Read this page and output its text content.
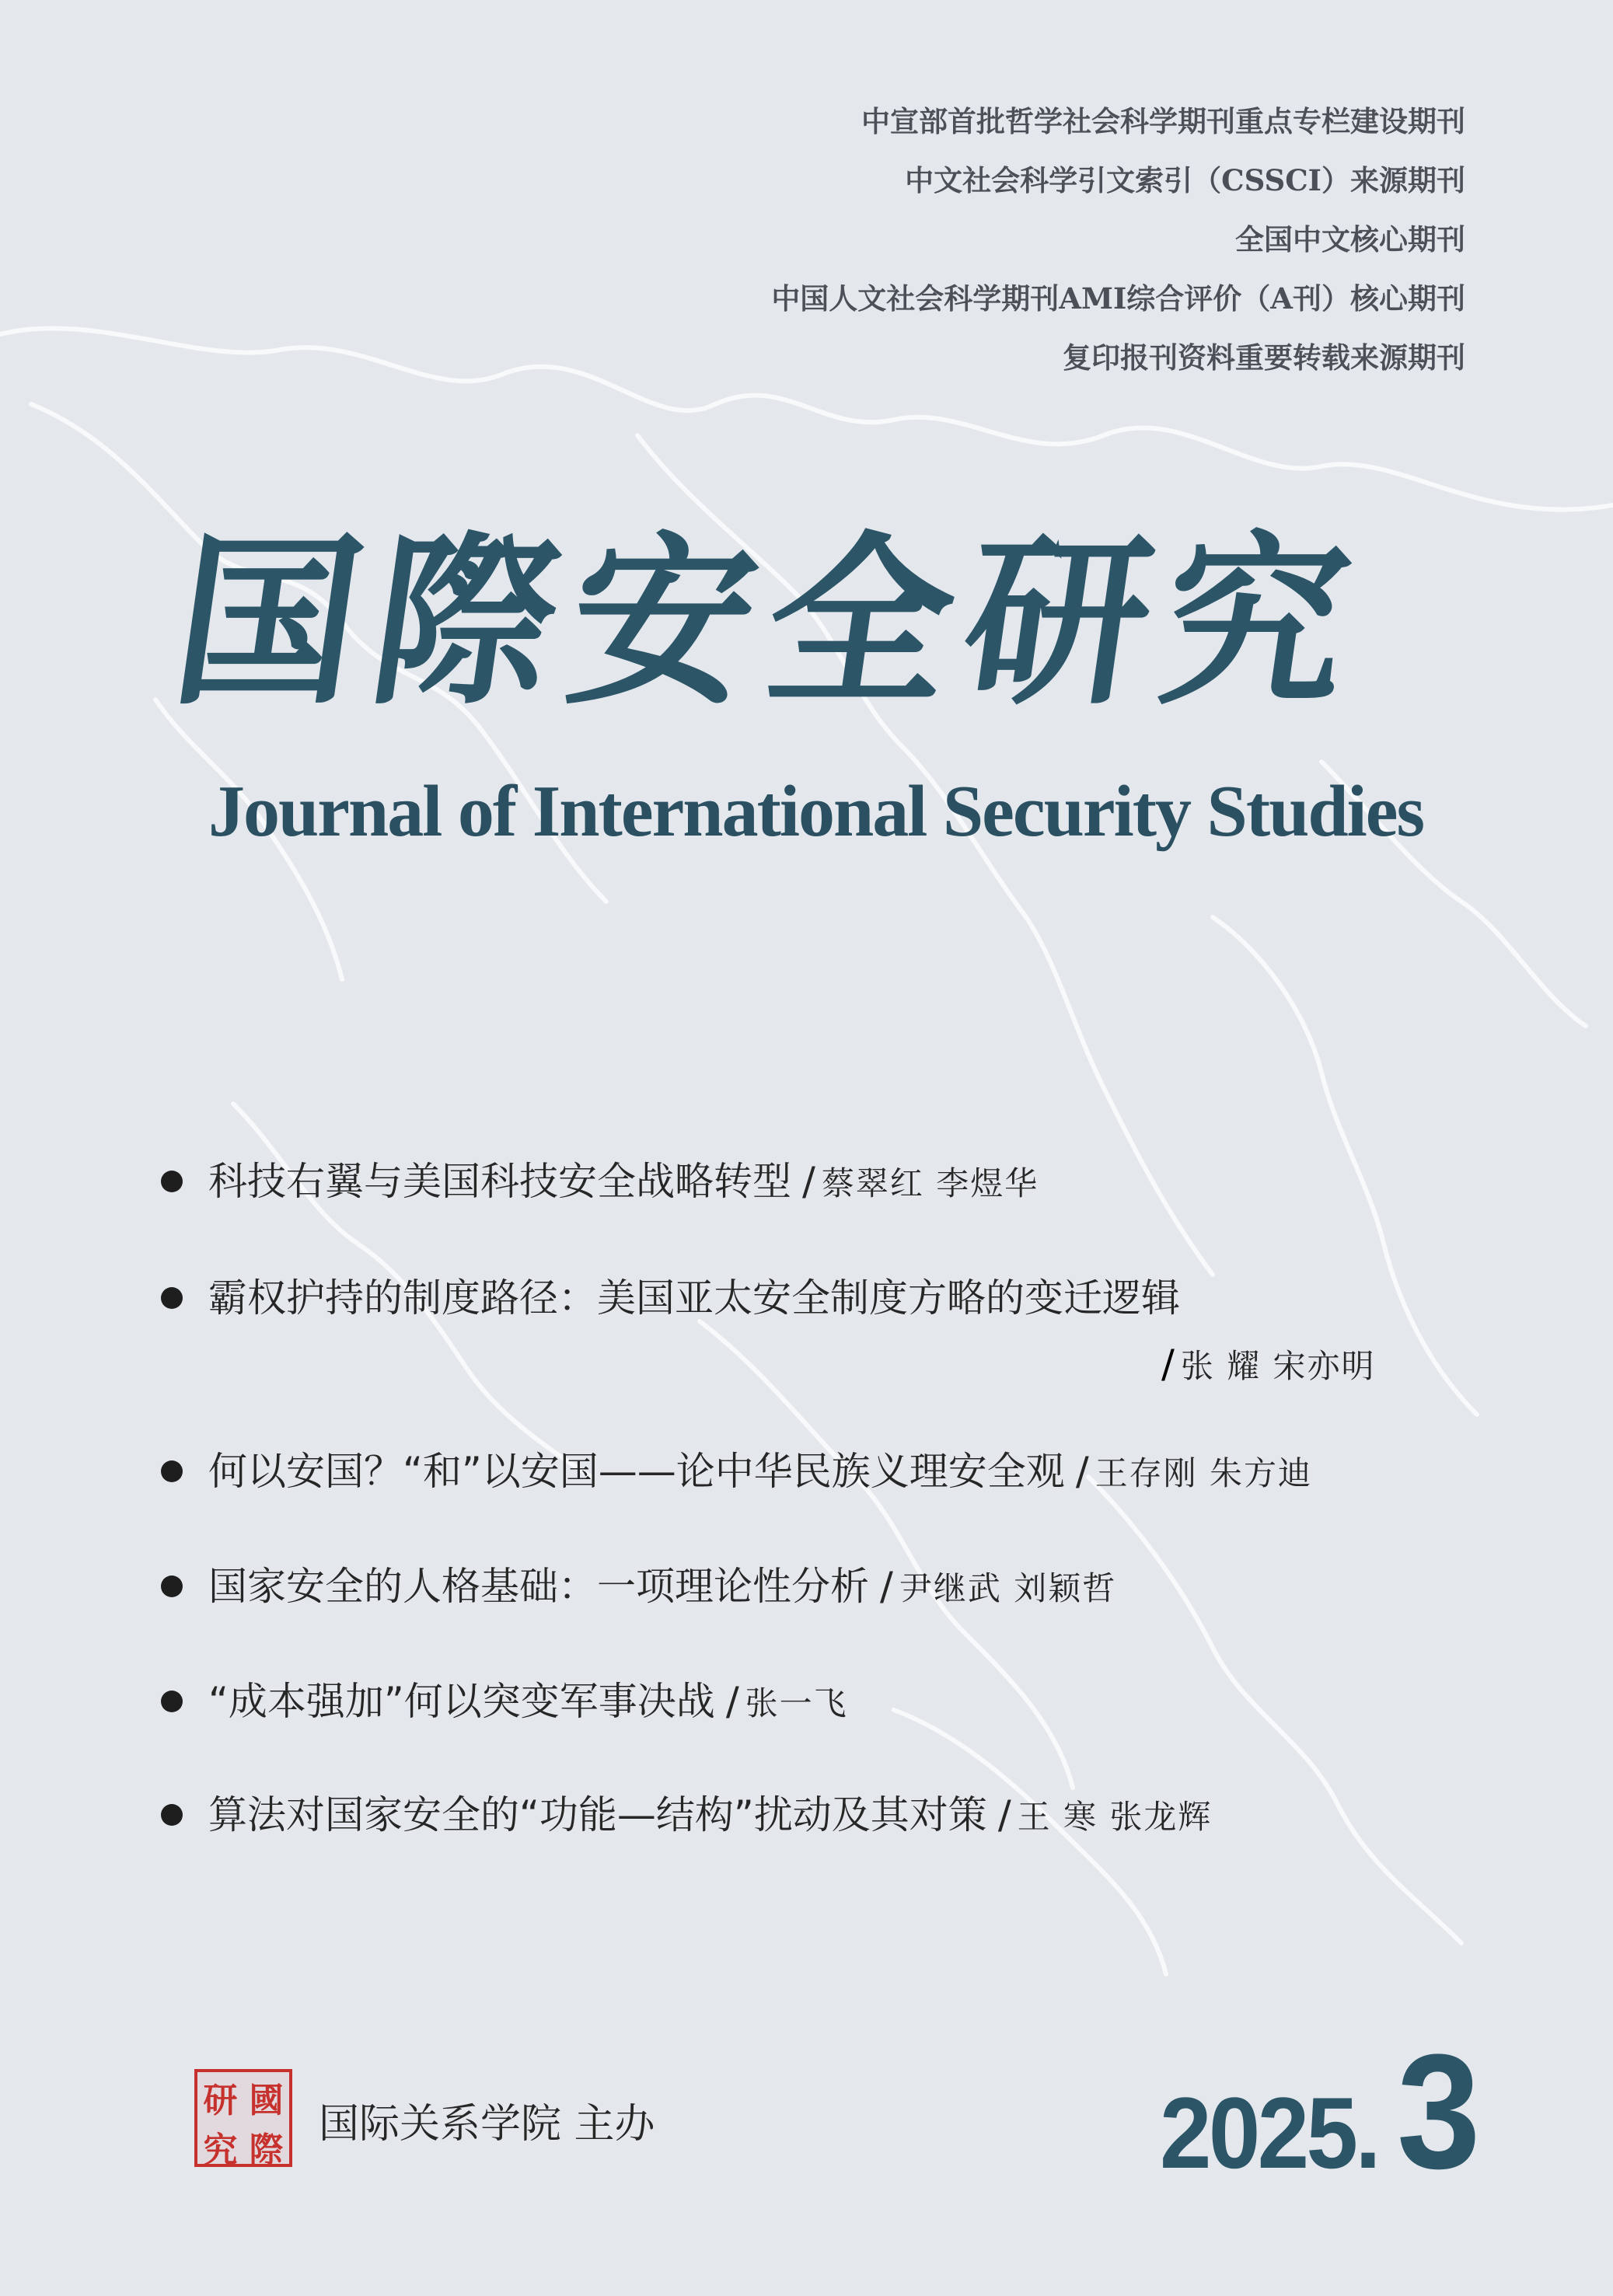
中宣部首批哲学社会科学期刊重点专栏建设期刊
中文社会科学引文索引（CSSCI）来源期刊
全国中文核心期刊
中国人文社会科学期刊AMI综合评价（A刊）核心期刊
复印报刊资料重要转载来源期刊
国際安全研究
Journal of International Security Studies
科技右翼与美国科技安全战略转型 / 蔡翠红 李煜华
霸权护持的制度路径：美国亚太安全制度方略的变迁逻辑
/ 张 耀 宋亦明
何以安国？“和”以安国——论中华民族义理安全观 / 王存刚 朱方迪
国家安全的人格基础：一项理论性分析 / 尹继武 刘颖哲
“成本强加”何以突变军事决战 / 张一飞
算法对国家安全的“功能—结构”扰动及其对策 / 王 寒 张龙辉
研 國
究 際
国际关系学院 主办	2025. 3
